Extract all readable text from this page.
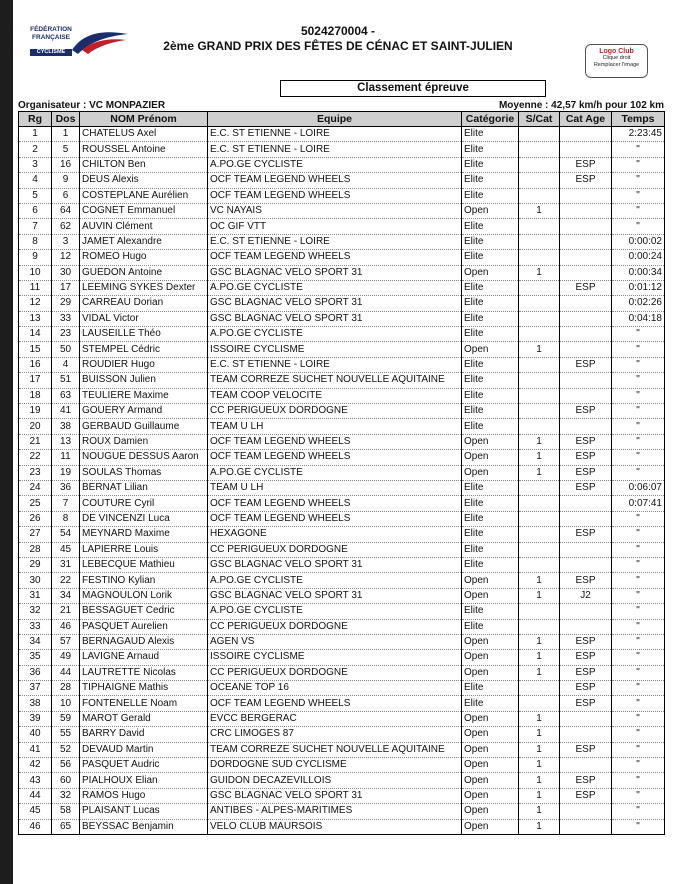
FÉDÉRATION
FRANÇAISE
CYCLISME
5024270004 -
2ème GRAND PRIX DES FÊTES DE CÉNAC ET SAINT-JULIEN	Logo Club
Clique droit
Remplacer l'image
Classement épreuve
Organisateur : VC MONPAZIER	Moyenne : 42,57 km/h pour 102 km
Rg	Dos	NOM Prénom	Equipe	Catégorie	S/Cat	Cat Age	Temps
1	1	CHATELUS Axel	E.C. ST ETIENNE - LOIRE	Elite			2:23:45
2	5	ROUSSEL Antoine	E.C. ST ETIENNE - LOIRE	Elite			"
3	16	CHILTON Ben	A.PO.GE CYCLISTE	Elite		ESP	"
4	9	DEUS Alexis	OCF TEAM LEGEND WHEELS	Elite		ESP	"
5	6	COSTEPLANE Aurélien	OCF TEAM LEGEND WHEELS	Elite			"
6	64	COGNET Emmanuel	VC NAYAIS	Open	1		"
7	62	AUVIN Clément	OC GIF VTT	Elite			"
8	3	JAMET Alexandre	E.C. ST ETIENNE - LOIRE	Elite			0:00:02
9	12	ROMEO Hugo	OCF TEAM LEGEND WHEELS	Elite			0:00:24
10	30	GUEDON Antoine	GSC BLAGNAC VELO SPORT 31	Open	1		0:00:34
11	17	LEEMING SYKES Dexter	A.PO.GE CYCLISTE	Elite		ESP	0:01:12
12	29	CARREAU Dorian	GSC BLAGNAC VELO SPORT 31	Elite			0:02:26
13	33	VIDAL Victor	GSC BLAGNAC VELO SPORT 31	Elite			0:04:18
14	23	LAUSEILLE Théo	A.PO.GE CYCLISTE	Elite			"
15	50	STEMPEL Cédric	ISSOIRE CYCLISME	Open	1		"
16	4	ROUDIER Hugo	E.C. ST ETIENNE - LOIRE	Elite		ESP	"
17	51	BUISSON Julien	TEAM CORREZE SUCHET NOUVELLE AQUITAINE	Elite			"
18	63	TEULIERE Maxime	TEAM COOP VELOCITE	Elite			"
19	41	GOUERY Armand	CC PERIGUEUX DORDOGNE	Elite		ESP	"
20	38	GERBAUD Guillaume	TEAM U LH	Elite			"
21	13	ROUX Damien	OCF TEAM LEGEND WHEELS	Open	1	ESP	"
22	11	NOUGUE DESSUS Aaron	OCF TEAM LEGEND WHEELS	Open	1	ESP	"
23	19	SOULAS Thomas	A.PO.GE CYCLISTE	Open	1	ESP	"
24	36	BERNAT Lilian	TEAM U LH	Elite		ESP	0:06:07
25	7	COUTURE Cyril	OCF TEAM LEGEND WHEELS	Elite			0:07:41
26	8	DE VINCENZI Luca	OCF TEAM LEGEND WHEELS	Elite			"
27	54	MEYNARD Maxime	HEXAGONE	Elite		ESP	"
28	45	LAPIERRE Louis	CC PERIGUEUX DORDOGNE	Elite			"
29	31	LEBECQUE Mathieu	GSC BLAGNAC VELO SPORT 31	Elite			"
30	22	FESTINO Kylian	A.PO.GE CYCLISTE	Open	1	ESP	"
31	34	MAGNOULON Lorik	GSC BLAGNAC VELO SPORT 31	Open	1	J2	"
32	21	BESSAGUET Cedric	A.PO.GE CYCLISTE	Elite			"
33	46	PASQUET Aurelien	CC PERIGUEUX DORDOGNE	Elite			"
34	57	BERNAGAUD Alexis	AGEN VS	Open	1	ESP	"
35	49	LAVIGNE Arnaud	ISSOIRE CYCLISME	Open	1	ESP	"
36	44	LAUTRETTE Nicolas	CC PERIGUEUX DORDOGNE	Open	1	ESP	"
37	28	TIPHAIGNE Mathis	OCEANE TOP 16	Elite		ESP	"
38	10	FONTENELLE Noam	OCF TEAM LEGEND WHEELS	Elite		ESP	"
39	59	MAROT Gerald	EVCC BERGERAC	Open	1		"
40	55	BARRY David	CRC LIMOGES 87	Open	1		"
41	52	DEVAUD Martin	TEAM CORREZE SUCHET NOUVELLE AQUITAINE	Open	1	ESP	"
42	56	PASQUET Audric	DORDOGNE SUD CYCLISME	Open	1		"
43	60	PIALHOUX Elian	GUIDON DECAZEVILLOIS	Open	1	ESP	"
44	32	RAMOS Hugo	GSC BLAGNAC VELO SPORT 31	Open	1	ESP	"
45	58	PLAISANT Lucas	ANTIBES - ALPES-MARITIMES	Open	1		"
46	65	BEYSSAC Benjamin	VELO CLUB MAURSOIS	Open	1		"
